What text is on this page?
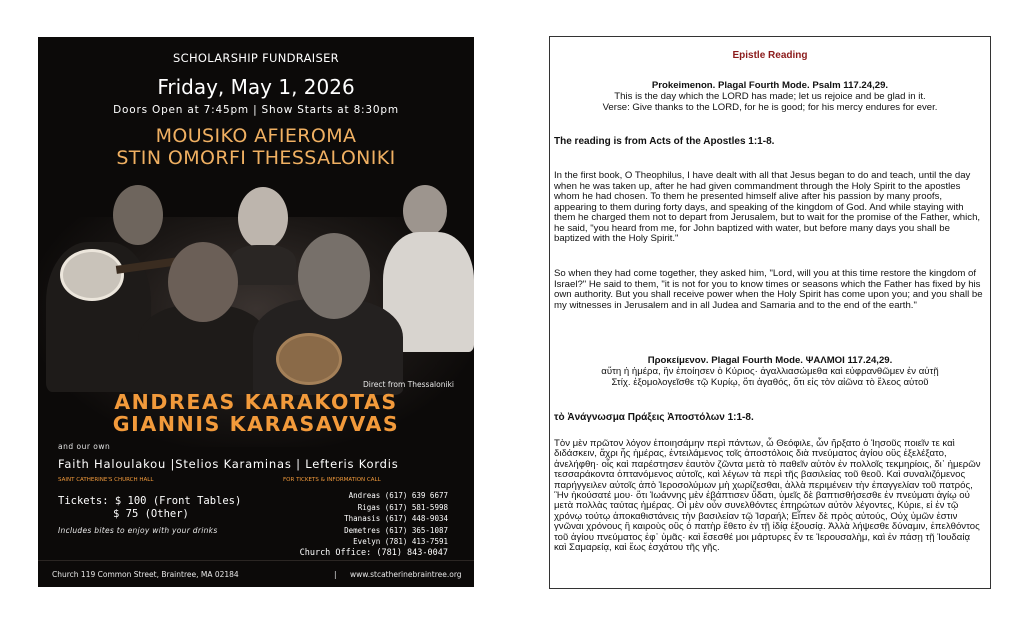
SCHOLARSHIP FUNDRAISER
Friday, May 1, 2026
Doors Open at 7:45pm | Show Starts at 8:30pm
MOUSIKO AFIEROMA
STIN OMORFI THESSALONIKI
Direct from Thessaloniki
ANDREAS KARAKOTAS
GIANNIS KARASAVVAS
and our own
Faith Haloulakou |Stelios Karaminas | Lefteris Kordis
SAINT CATHERINE'S CHURCH HALL	FOR TICKETS & INFORMATION CALL
Tickets: $ 100 (Front Tables)
$ 75 (Other)
Includes bites to enjoy with your drinks
Andreas (617) 639 6677
Rigas (617) 581-5998
Thanasis (617) 448-9034
Demetres (617) 365-1087
Evelyn (781) 413-7591
Church Office: (781) 843-0047
Church 119 Common Street, Braintree, MA 02184	| www.stcatherinebraintree.org
Epistle Reading
Prokeimenon. Plagal Fourth Mode. Psalm 117.24,29.
This is the day which the LORD has made; let us rejoice and be glad in it.
Verse: Give thanks to the LORD, for he is good; for his mercy endures for ever.
The reading is from Acts of the Apostles 1:1-8.
In the first book, O Theophilus, I have dealt with all that Jesus began to do and teach, until the day when he was taken up, after he had given commandment through the Holy Spirit to the apostles whom he had chosen. To them he presented himself alive after his passion by many proofs, appearing to them during forty days, and speaking of the kingdom of God. And while staying with them he charged them not to depart from Jerusalem, but to wait for the promise of the Father, which, he said, "you heard from me, for John baptized with water, but before many days you shall be baptized with the Holy Spirit."
So when they had come together, they asked him, "Lord, will you at this time restore the kingdom of Israel?" He said to them, "it is not for you to know times or seasons which the Father has fixed by his own authority. But you shall receive power when the Holy Spirit has come upon you; and you shall be my witnesses in Jerusalem and in all Judea and Samaria and to the end of the earth."
Προκείμενον. Plagal Fourth Mode. ΨΑΛΜΟΙ 117.24,29.
αὕτη ἡ ἡμέρα, ἣν ἐποίησεν ὁ Κύριος· ἀγαλλιασώμεθα καὶ εὐφρανθῶμεν ἐν αὐτῇ
Στίχ. ἐξομολογεῖσθε τῷ Κυρίῳ, ὅτι ἀγαθός, ὅτι εἰς τὸν αἰῶνα τὸ ἔλεος αὐτοῦ
τὸ Ἀνάγνωσμα Πράξεις Ἀποστόλων 1:1-8.
Τὸν μὲν πρῶτον λόγον ἐποιησάμην περὶ πάντων, ὦ Θεόφιλε, ὧν ἤρξατο ὁ Ἰησοῦς ποιεῖν τε καὶ διδάσκειν, ἄχρι ἧς ἡμέρας, ἐντειλάμενος τοῖς ἀποστόλοις διὰ πνεύματος ἁγίου οὓς ἐξελέξατο, ἀνελήφθη· οἷς καὶ παρέστησεν ἑαυτὸν ζῶντα μετὰ τὸ παθεῖν αὐτὸν ἐν πολλοῖς τεκμηρίοις, δι᾿ ἡμερῶν τεσσαράκοντα ὀπτανόμενος αὐτοῖς, καὶ λέγων τὰ περὶ τῆς βασιλείας τοῦ θεοῦ. Καὶ συναλιζόμενος παρήγγειλεν αὐτοῖς ἀπὸ Ἱεροσολύμων μὴ χωρίζεσθαι, ἀλλὰ περιμένειν τὴν ἐπαγγελίαν τοῦ πατρός, Ἣν ἠκούσατέ μου· ὅτι Ἰωάννης μὲν ἐβάπτισεν ὕδατι, ὑμεῖς δὲ βαπτισθήσεσθε ἐν πνεύματι ἁγίῳ οὐ μετὰ πολλὰς ταύτας ἡμέρας. Οἱ μὲν οὖν συνελθόντες ἐπηρώτων αὐτὸν λέγοντες, Κύριε, εἰ ἐν τῷ χρόνῳ τούτῳ ἀποκαθιστάνεις τὴν βασιλείαν τῷ Ἰσραήλ; Εἶπεν δὲ πρὸς αὐτούς, Οὐχ ὑμῶν ἐστιν γνῶναι χρόνους ἢ καιροὺς οὓς ὁ πατὴρ ἔθετο ἐν τῇ ἰδίᾳ ἐξουσίᾳ. Ἀλλὰ λήψεσθε δύναμιν, ἐπελθόντος τοῦ ἁγίου πνεύματος ἐφ᾿ ὑμᾶς· καὶ ἔσεσθέ μοι μάρτυρες ἔν τε Ἱερουσαλὴμ, καὶ ἐν πάσῃ τῇ Ἰουδαίᾳ καὶ Σαμαρείᾳ, καὶ ἕως ἐσχάτου τῆς γῆς.
